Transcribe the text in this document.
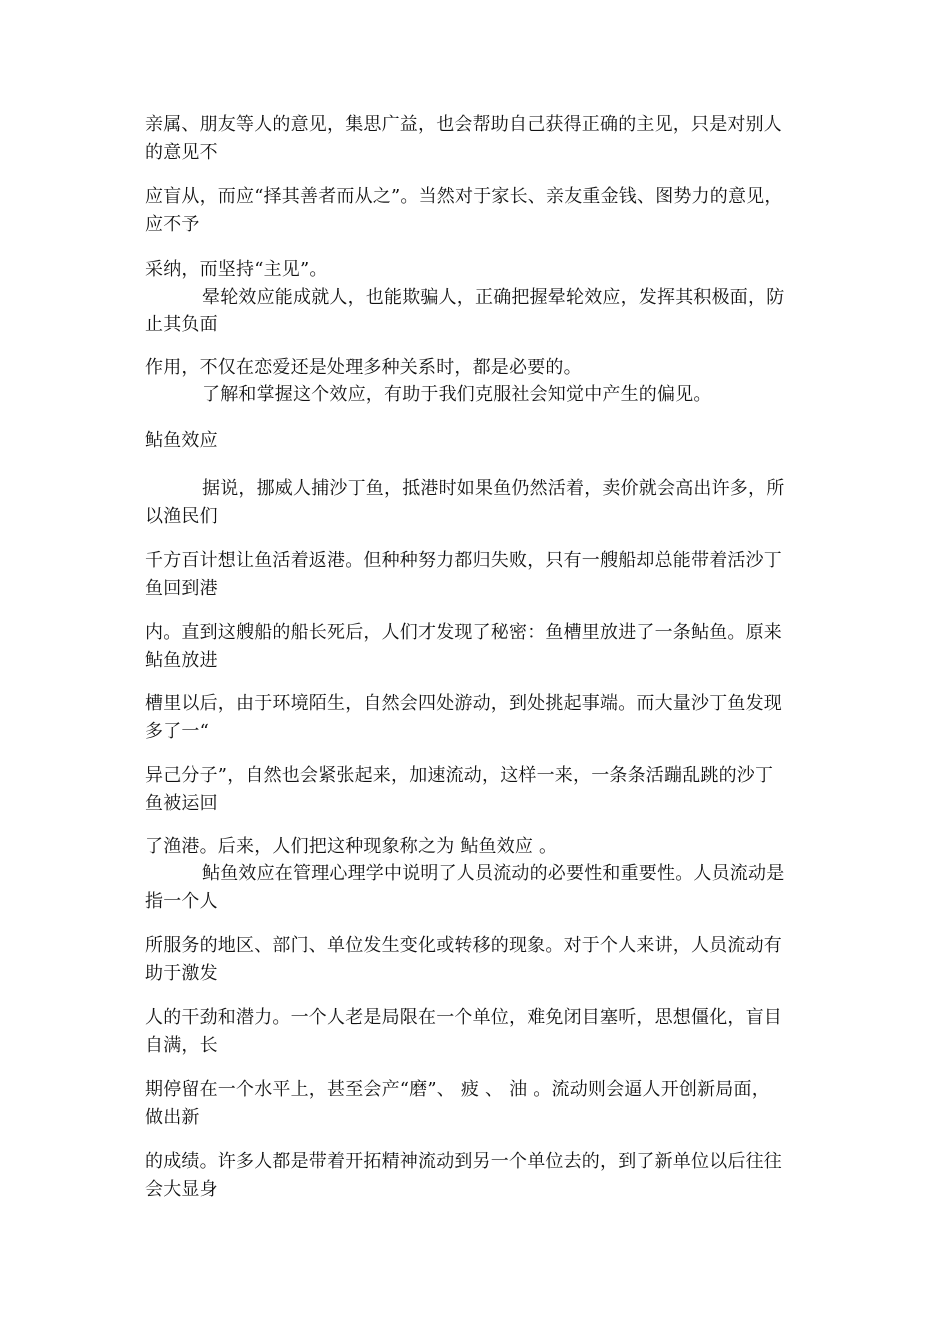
亲属、朋友等人的意见，集思广益，也会帮助自己获得正确的主见，只是对别人
的意见不
应盲从，而应“择其善者而从之”。当然对于家长、亲友重金钱、图势力的意见，
应不予
采纳，而坚持“主见”。
晕轮效应能成就人，也能欺骗人，正确把握晕轮效应，发挥其积极面，防
止其负面
作用，不仅在恋爱还是处理多种关系时，都是必要的。
了解和掌握这个效应，有助于我们克服社会知觉中产生的偏见。
鲇鱼效应
据说，挪威人捕沙丁鱼，抵港时如果鱼仍然活着，卖价就会高出许多，所
以渔民们
千方百计想让鱼活着返港。但种种努力都归失败，只有一艘船却总能带着活沙丁
鱼回到港
内。直到这艘船的船长死后，人们才发现了秘密：鱼槽里放进了一条鲇鱼。原来
鲇鱼放进
槽里以后，由于环境陌生，自然会四处游动，到处挑起事端。而大量沙丁鱼发现
多了一“
异己分子”，自然也会紧张起来，加速流动，这样一来，一条条活蹦乱跳的沙丁
鱼被运回
了渔港。后来，人们把这种现象称之为 鲇鱼效应 。
鲇鱼效应在管理心理学中说明了人员流动的必要性和重要性。人员流动是
指一个人
所服务的地区、部门、单位发生变化或转移的现象。对于个人来讲，人员流动有
助于激发
人的干劲和潜力。一个人老是局限在一个单位，难免闭目塞听，思想僵化，盲目
自满，长
期停留在一个水平上，甚至会产“磨”、 疲 、 油 。流动则会逼人开创新局面，
做出新
的成绩。许多人都是带着开拓精神流动到另一个单位去的，到了新单位以后往往
会大显身
